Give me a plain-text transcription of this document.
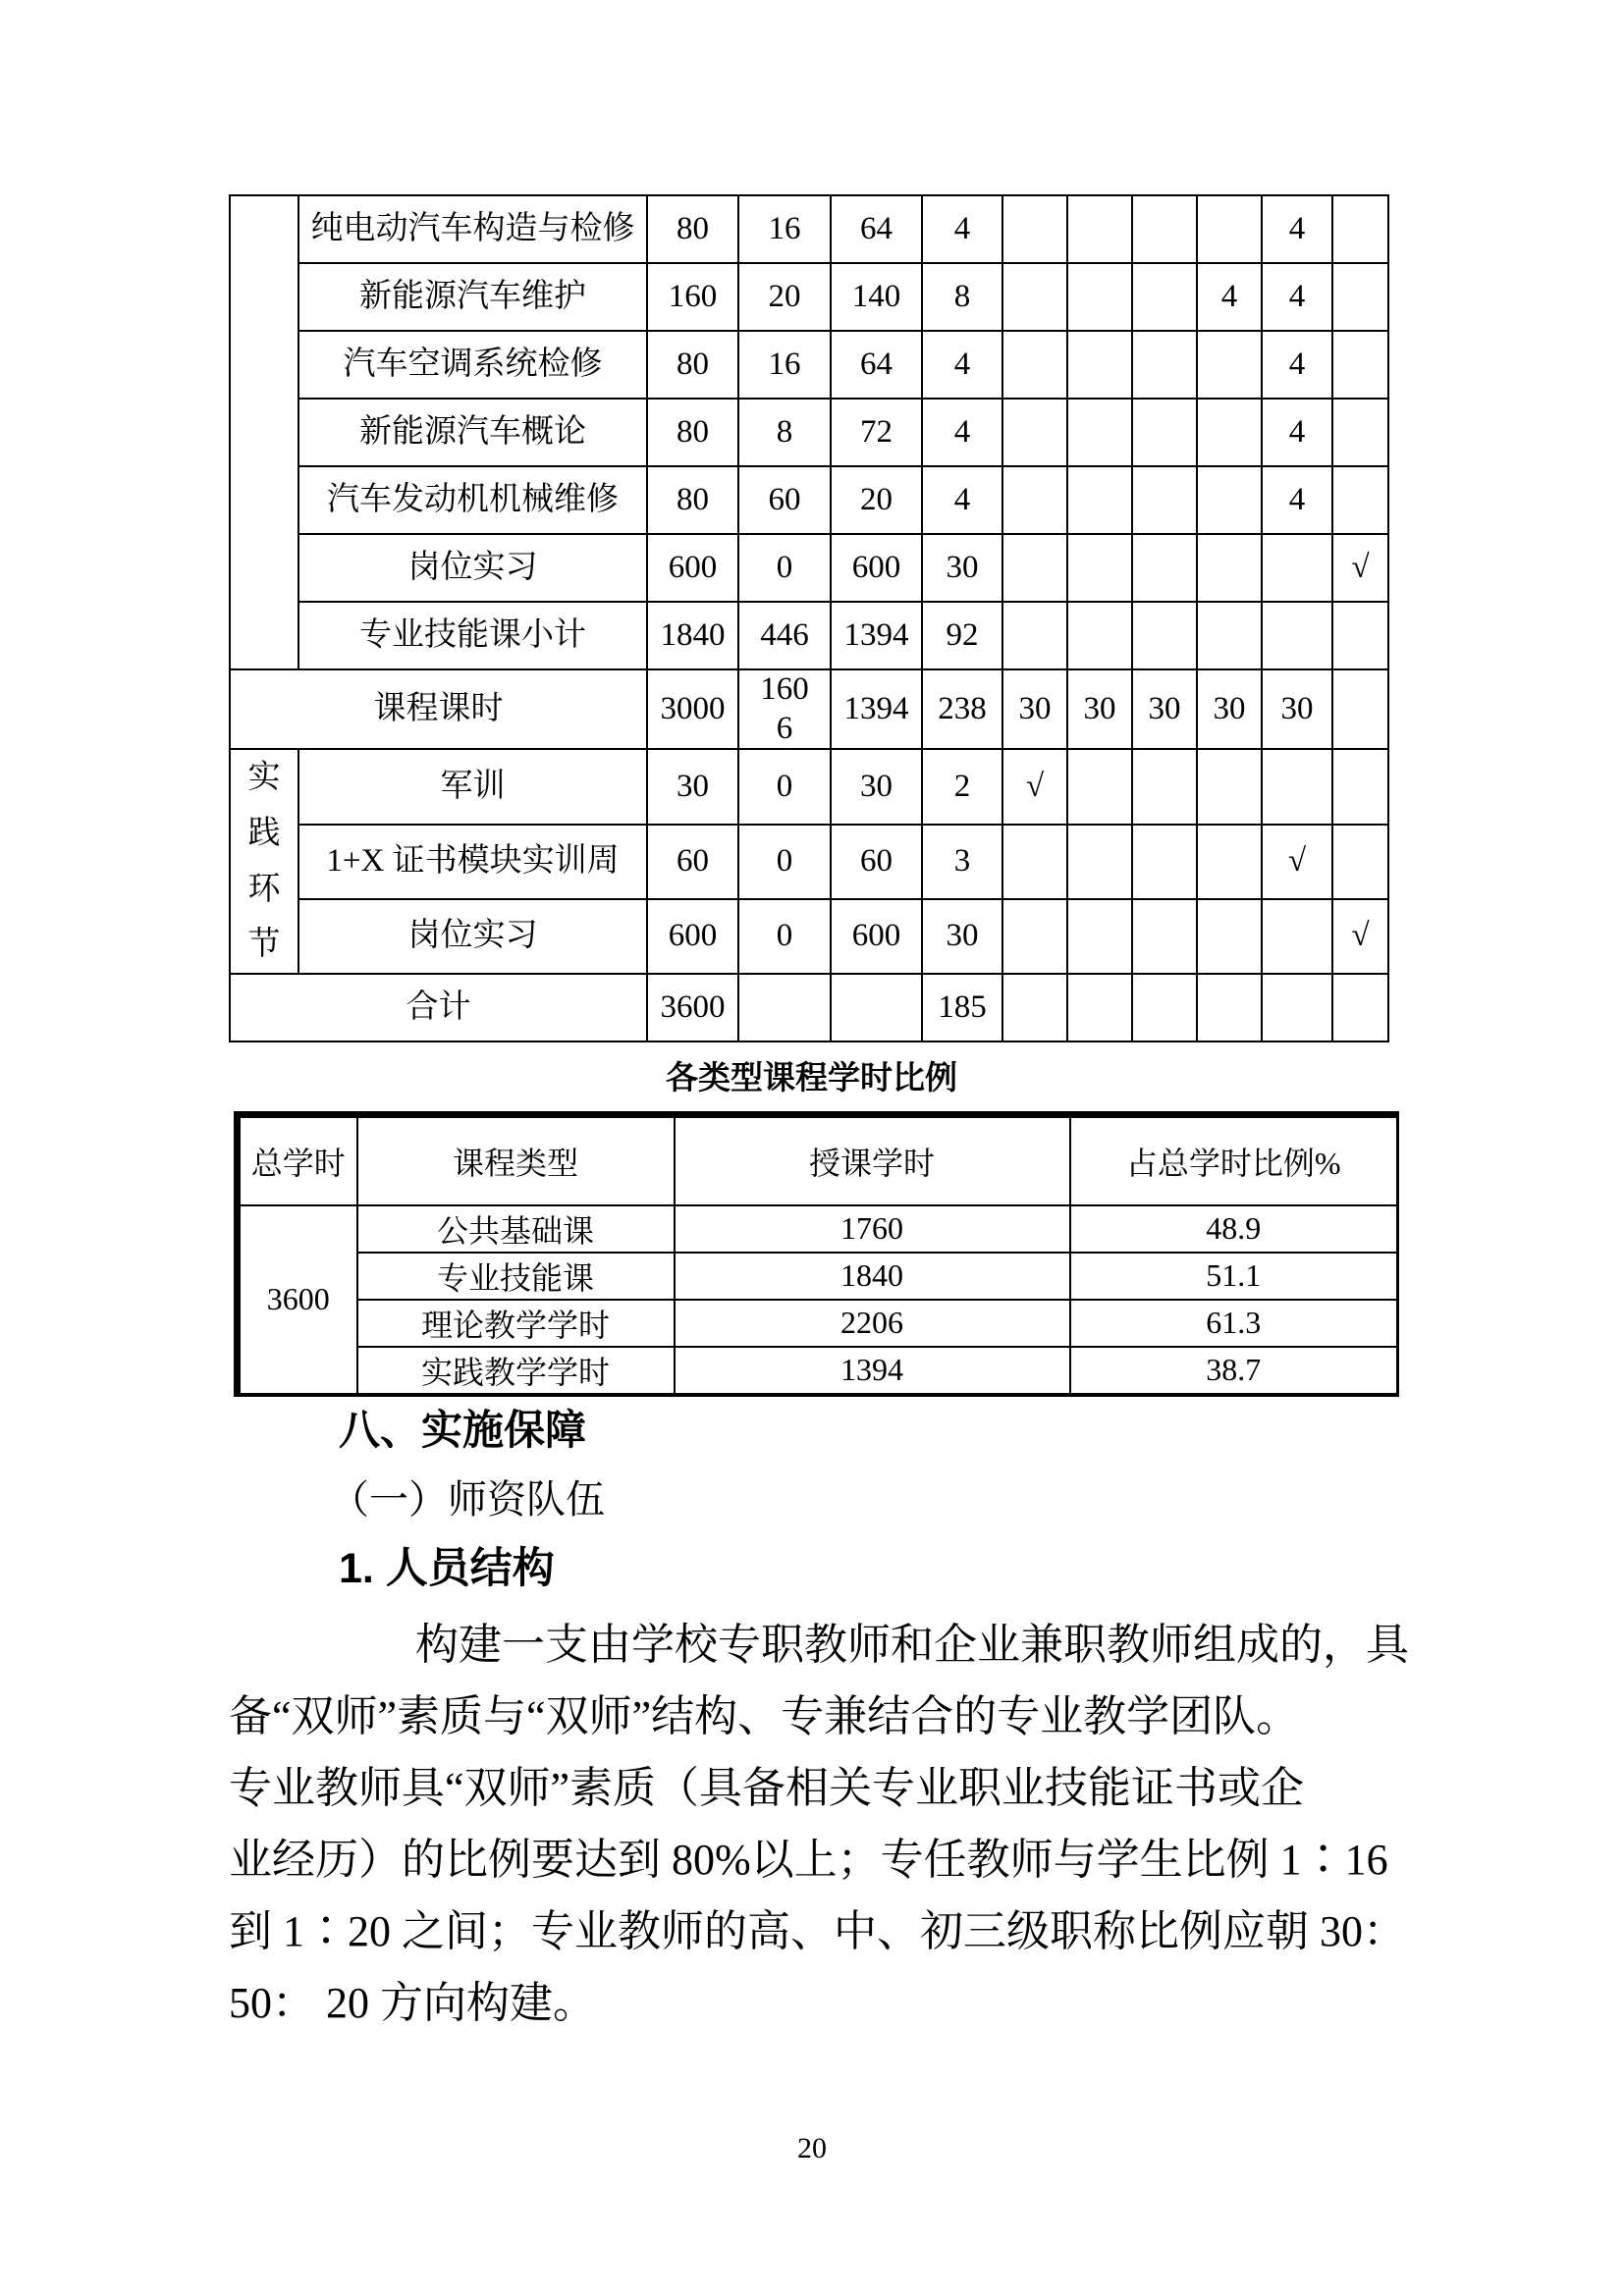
	纯电动汽车构造与检修	80	16	64	4					4	
	新能源汽车维护	160	20	140	8				4	4	
	汽车空调系统检修	80	16	64	4					4	
	新能源汽车概论	80	8	72	4					4	
	汽车发动机机械维修	80	60	20	4					4	
	岗位实习	600	0	600	30						√
	专业技能课小计	1840	446	1394	92						
课程课时		3000	1606	1394	238	30	30	30	30	30	
实践环节	军训	30	0	30	2	√					
	1+X 证书模块实训周	60	0	60	3					√	
	岗位实习	600	0	600	30						√
合计		3600			185						
各类型课程学时比例
总学时	课程类型	授课学时	占总学时比例%
3600	公共基础课	1760	48.9
	专业技能课	1840	51.1
	理论教学学时	2206	61.3
	实践教学学时	1394	38.7
八、实施保障
（一）师资队伍
1. 人员结构
构建一支由学校专职教师和企业兼职教师组成的，具
备“双师”素质与“双师”结构、专兼结合的专业教学团队。
专业教师具“双师”素质（具备相关专业职业技能证书或企
业经历）的比例要达到 80%以上；专任教师与学生比例 1∶16
到 1∶20 之间；专业教师的高、中、初三级职称比例应朝 30：
50： 20 方向构建。
20
